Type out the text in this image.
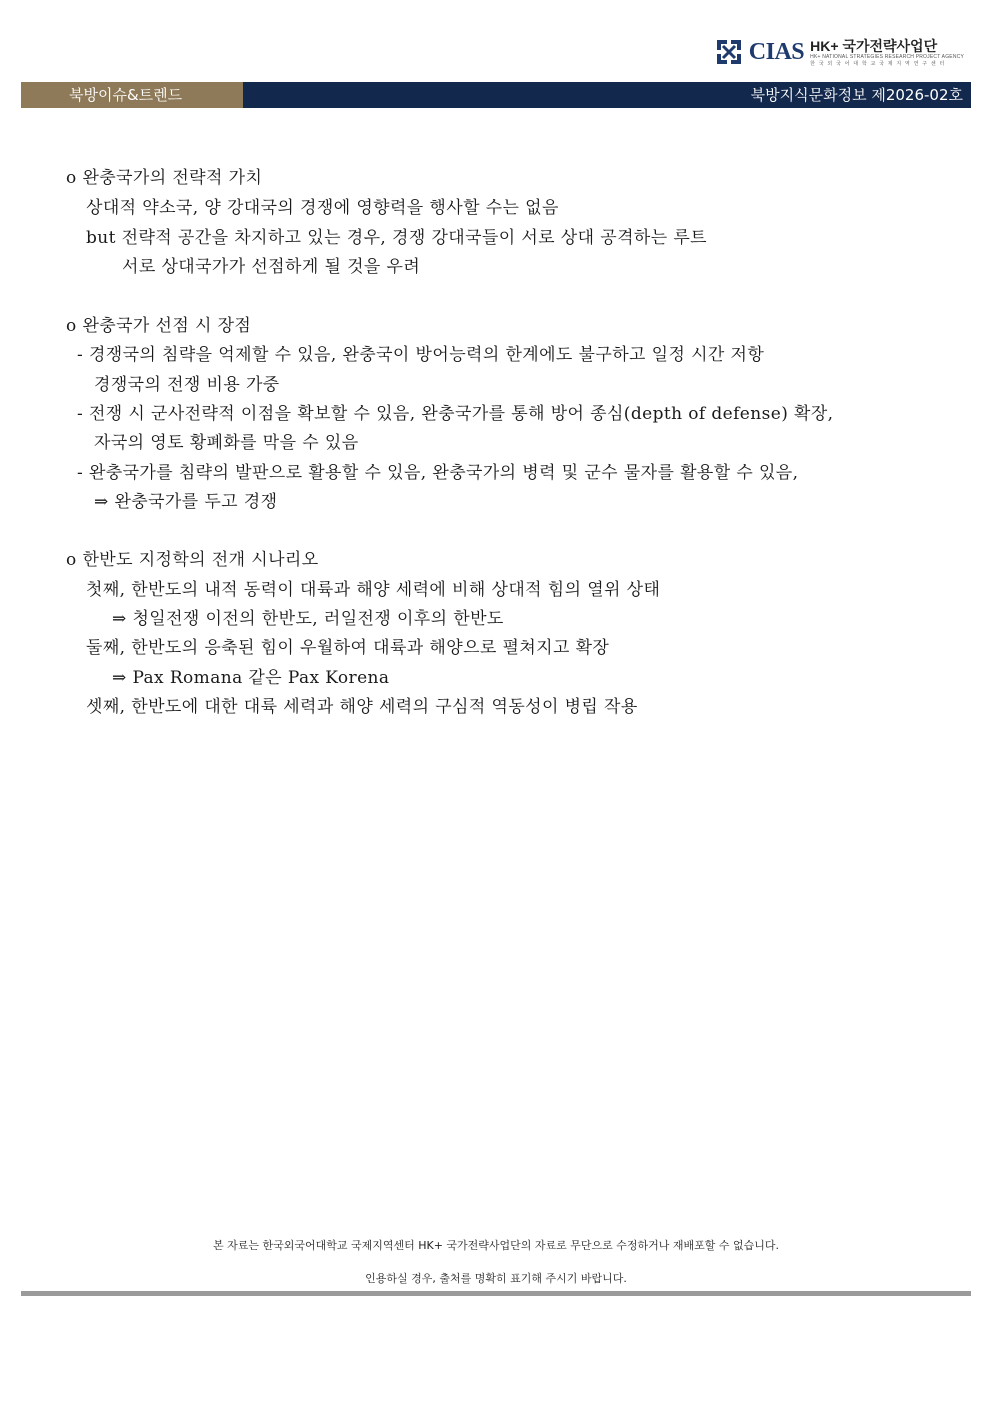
CIAS HK+ 국가전략사업단
HK+ NATIONAL STRATEGIES RESEARCH PROJECT AGENCY
한 국 외 국 어 대 학 교 국 제 지 역 연 구 센 터
북방이슈&트렌드	북방지식문화정보 제2026-02호
o 완충국가의 전략적 가치
상대적 약소국, 양 강대국의 경쟁에 영향력을 행사할 수는 없음
but 전략적 공간을 차지하고 있는 경우, 경쟁 강대국들이 서로 상대 공격하는 루트
서로 상대국가가 선점하게 될 것을 우려
o 완충국가 선점 시 장점
- 경쟁국의 침략을 억제할 수 있음, 완충국이 방어능력의 한계에도 불구하고 일정 시간 저항
경쟁국의 전쟁 비용 가중
- 전쟁 시 군사전략적 이점을 확보할 수 있음, 완충국가를 통해 방어 종심(depth of defense) 확장,
자국의 영토 황폐화를 막을 수 있음
- 완충국가를 침략의 발판으로 활용할 수 있음, 완충국가의 병력 및 군수 물자를 활용할 수 있음,
⇒ 완충국가를 두고 경쟁
o 한반도 지정학의 전개 시나리오
첫째, 한반도의 내적 동력이 대륙과 해양 세력에 비해 상대적 힘의 열위 상태
⇒ 청일전쟁 이전의 한반도, 러일전쟁 이후의 한반도
둘째, 한반도의 응축된 힘이 우월하여 대륙과 해양으로 펼쳐지고 확장
⇒ Pax Romana 같은 Pax Korena
셋째, 한반도에 대한 대륙 세력과 해양 세력의 구심적 역동성이 병립 작용
본 자료는 한국외국어대학교 국제지역센터 HK+ 국가전략사업단의 자료로 무단으로 수정하거나 재배포할 수 없습니다.
인용하실 경우, 출처를 명확히 표기해 주시기 바랍니다.
